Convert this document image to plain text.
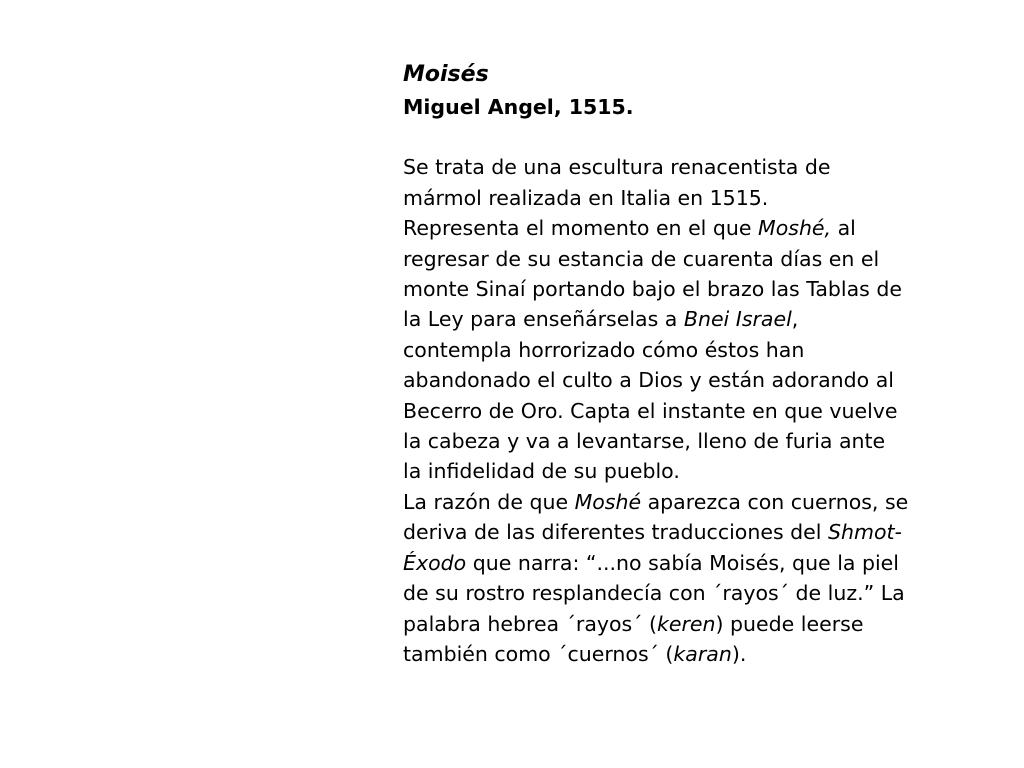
Moisés
Miguel Angel, 1515.
Se trata de una escultura renacentista de
mármol realizada en Italia en 1515.
Representa el momento en el que Moshé, al
regresar de su estancia de cuarenta días en el
monte Sinaí portando bajo el brazo las Tablas de
la Ley para enseñárselas a Bnei Israel,
contempla horrorizado cómo éstos han
abandonado el culto a Dios y están adorando al
Becerro de Oro. Capta el instante en que vuelve
la cabeza y va a levantarse, lleno de furia ante
la infidelidad de su pueblo.
La razón de que Moshé aparezca con cuernos, se
deriva de las diferentes traducciones del Shmot-
Éxodo que narra: “...no sabía Moisés, que la piel
de su rostro resplandecía con ´rayos´ de luz.” La
palabra hebrea ´rayos´ (keren) puede leerse
también como ´cuernos´ (karan).
